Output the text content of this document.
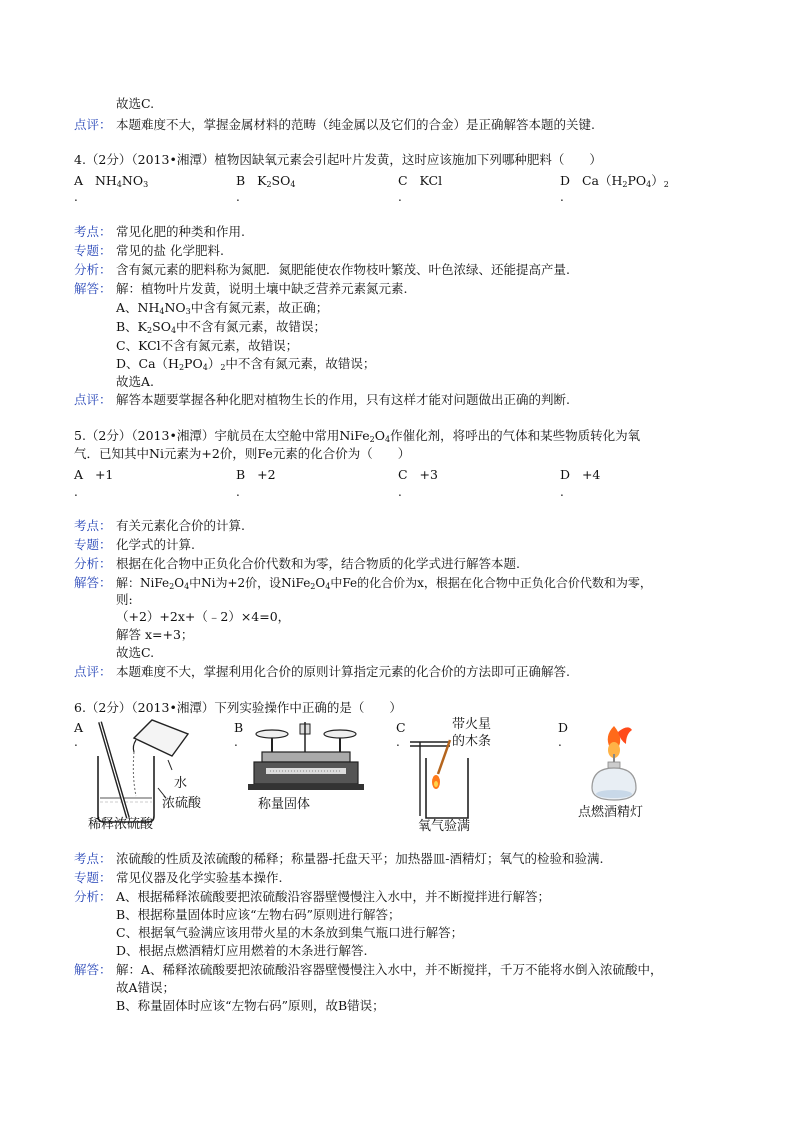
故选C.
点评： 本题难度不大，掌握金属材料的范畴（纯金属以及它们的合金）是正确解答本题的关键.
4.（2分）（2013•湘潭）植物因缺氧元素会引起叶片发黄，这时应该施加下列哪种肥料（　　）
A $NH_4NO_3$	B $K_2SO_4$	C KCl	D $Ca(H_2PO_4)_2$
.	.	.	.
考点： 常见化肥的种类和作用.
专题： 常见的盐 化学肥料.
分析： 含有氮元素的肥料称为氮肥．氮肥能使农作物枝叶繁茂、叶色浓绿、还能提高产量.
解答： 解：植物叶片发黄，说明土壤中缺乏营养元素氮元素.
A、$NH_4NO_3$中含有氮元素，故正确；
B、$K_2SO_4$中不含有氮元素，故错误；
C、KCl不含有氮元素，故错误；
D、$Ca(H_2PO_4)_2$中不含有氮元素，故错误；
故选A.
点评： 解答本题要掌握各种化肥对植物生长的作用，只有这样才能对问题做出正确的判断.
5.（2分）（2013•湘潭）宇航员在太空舱中常用$NiFe_2O_4$作催化剂，将呼出的气体和某些物质转化为氧
气．已知其中Ni元素为+2价，则Fe元素的化合价为（　　）
A +1	B +2	C +3	D +4
.	.	.	.
考点： 有关元素化合价的计算.
专题： 化学式的计算.
分析： 根据在化合物中正负化合价代数和为零，结合物质的化学式进行解答本题.
解答： 解：$NiFe_2O_4$中Ni为+2价，设$NiFe_2O_4$中Fe的化合价为x，根据在化合物中正负化合价代数和为零，
则:
（+2）+2x+（﹣2）×4=0，
解答 x=+3；
故选C.
点评： 本题难度不大，掌握利用化合价的原则计算指定元素的化合价的方法即可正确解答.
6.（2分）（2013•湘潭）下列实验操作中正确的是（　　）
A	B	C	D
.	.	.	.
水
浓硫酸
稀释浓硫酸
称量固体
带火星
的木条
氧气验满
点燃酒精灯
考点： 浓硫酸的性质及浓硫酸的稀释；称量器-托盘天平；加热器皿-酒精灯；氧气的检验和验满.
专题： 常见仪器及化学实验基本操作.
分析： A、根据稀释浓硫酸要把浓硫酸沿容器壁慢慢注入水中，并不断搅拌进行解答；
B、根据称量固体时应该“左物右码”原则进行解答；
C、根据氧气验满应该用带火星的木条放到集气瓶口进行解答；
D、根据点燃酒精灯应用燃着的木条进行解答.
解答： 解：A、稀释浓硫酸要把浓硫酸沿容器壁慢慢注入水中，并不断搅拌，千万不能将水倒入浓硫酸中，
故A错误；
B、称量固体时应该“左物右码”原则，故B错误；
